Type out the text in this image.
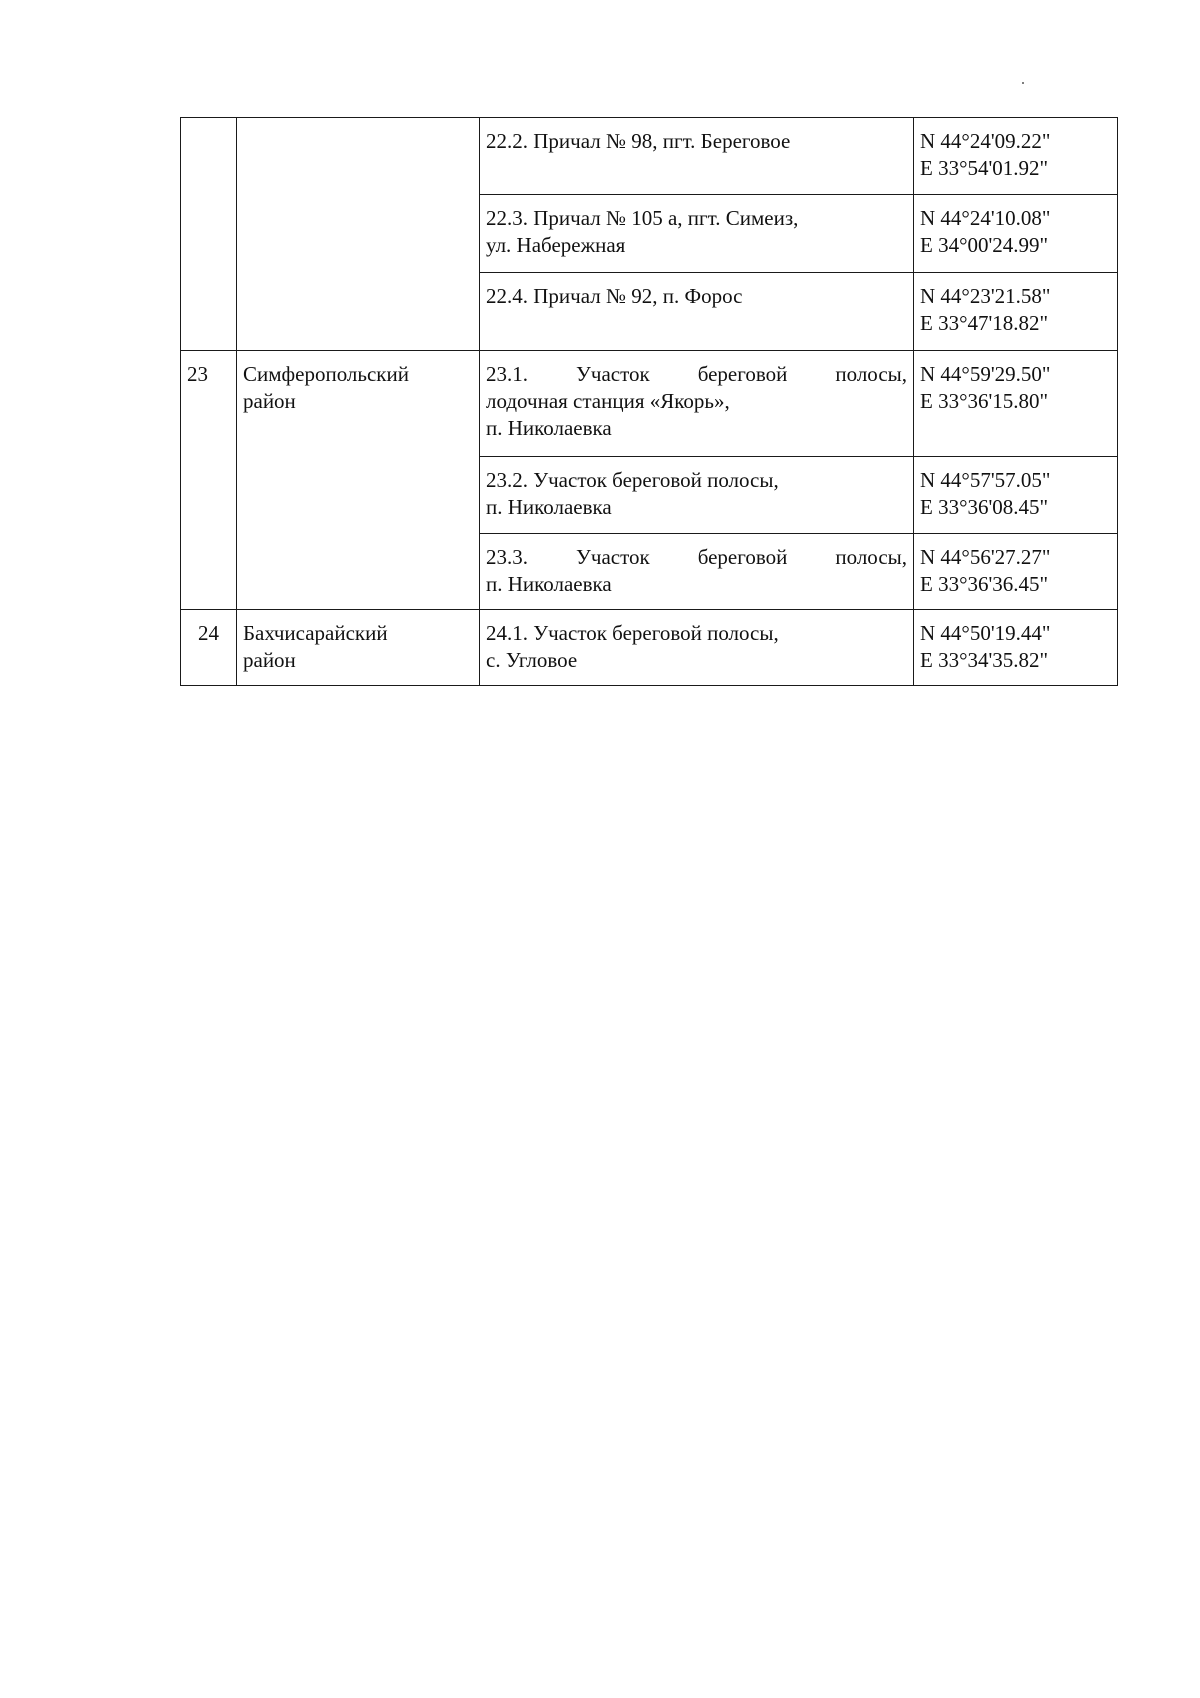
		22.2. Причал № 98, пгт. Береговое	N 44°24'09.22"
E 33°54'01.92"

		22.3. Причал № 105 а, пгт. Симеиз,
ул. Набережная	N 44°24'10.08"
E 34°00'24.99"

		22.4. Причал № 92, п. Форос	N 44°23'21.58"
E 33°47'18.82"

23	Симферопольский
район	23.1. Участок береговой полосы,
лодочная станция «Якорь»,
п. Николаевка	N 44°59'29.50"
E 33°36'15.80"

		23.2. Участок береговой полосы,
п. Николаевка	N 44°57'57.05"
E 33°36'08.45"

		23.3. Участок береговой полосы,
п. Николаевка	N 44°56'27.27"
E 33°36'36.45"

24	Бахчисарайский
район	24.1. Участок береговой полосы,
с. Угловое	N 44°50'19.44"
E 33°34'35.82"
